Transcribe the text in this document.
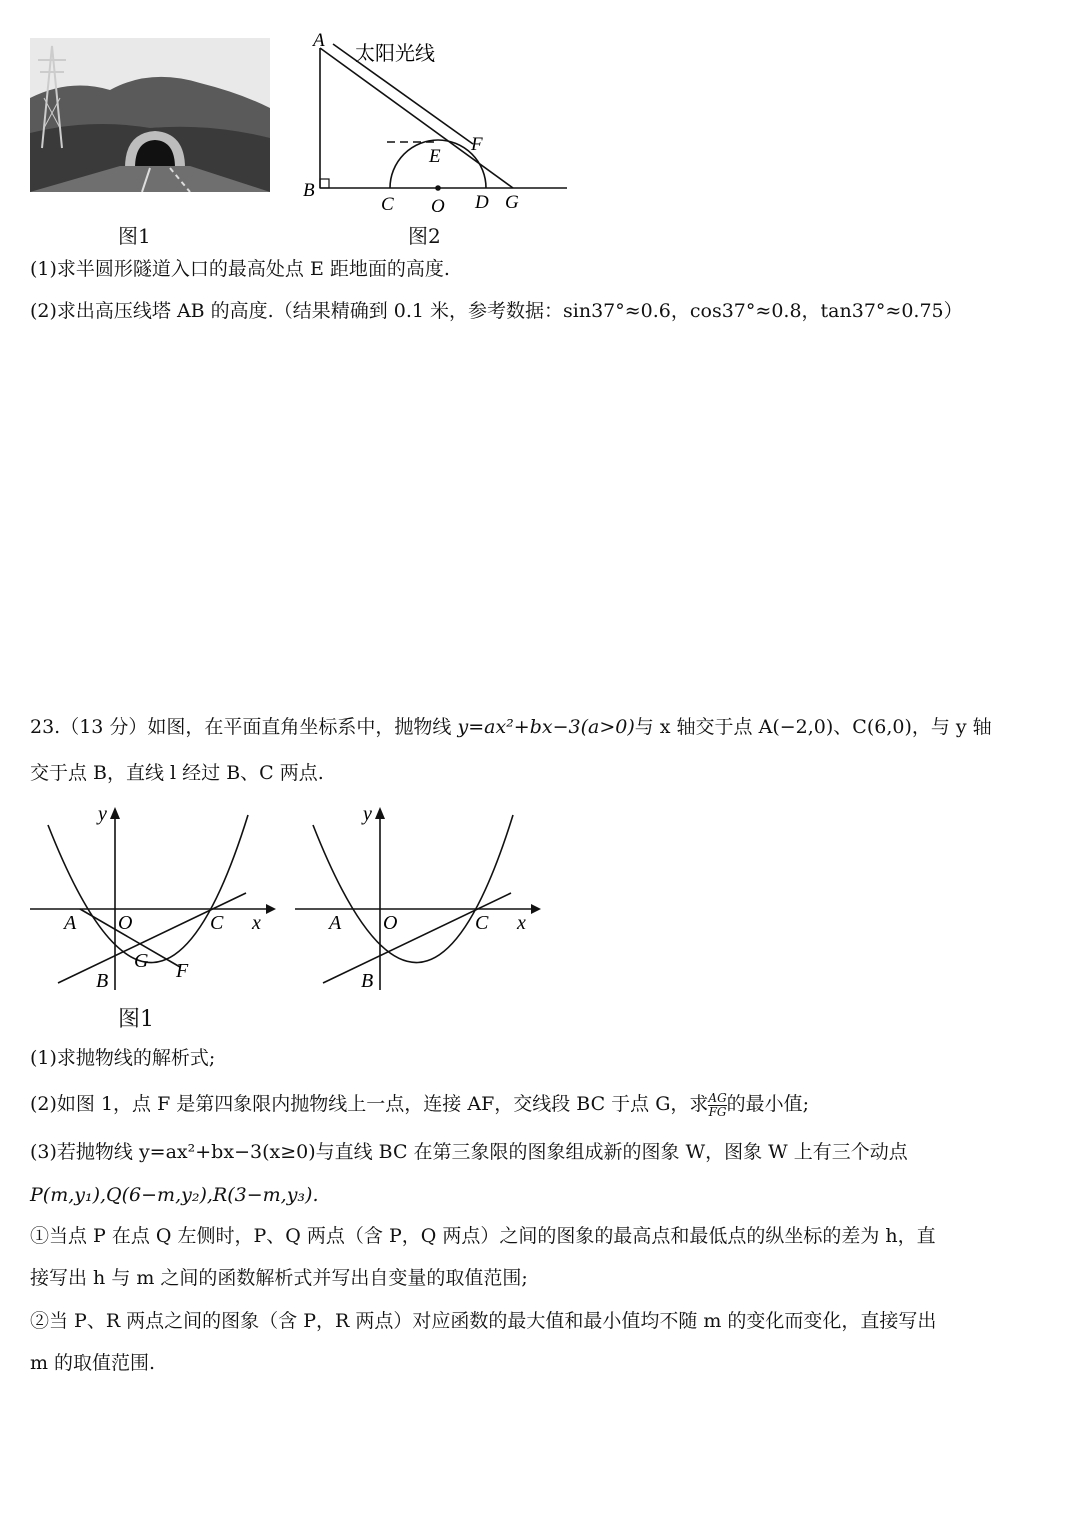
图1
A
B
C O D G
E
F
太阳光线
图2
(1)求半圆形隧道入口的最高处点 E 距地面的高度.
(2)求出高压线塔 AB 的高度.（结果精确到 0.1 米，参考数据：sin37°≈0.6，cos37°≈0.8，tan37°≈0.75）
23.（13 分）如图，在平面直角坐标系中，抛物线 y=ax²+bx−3(a>0)与 x 轴交于点 A(−2,0)、C(6,0)，与 y 轴
交于点 B，直线 l 经过 B、C 两点.
y
x
A O	C
B
G F
图1
y
x
A O	C
B
(1)求抛物线的解析式;
(2)如图 1，点 F 是第四象限内抛物线上一点，连接 AF，交线段 BC 于点 G，求 $\frac{AG}{FG}$ 的最小值;
(3)若抛物线 y=ax²+bx−3(x≥0)与直线 BC 在第三象限的图象组成新的图象 W，图象 W 上有三个动点
P(m,y₁),Q(6−m,y₂),R(3−m,y₃).
①当点 P 在点 Q 左侧时，P、Q 两点（含 P，Q 两点）之间的图象的最高点和最低点的纵坐标的差为 h，直
接写出 h 与 m 之间的函数解析式并写出自变量的取值范围;
②当 P、R 两点之间的图象（含 P，R 两点）对应函数的最大值和最小值均不随 m 的变化而变化，直接写出
m 的取值范围.
